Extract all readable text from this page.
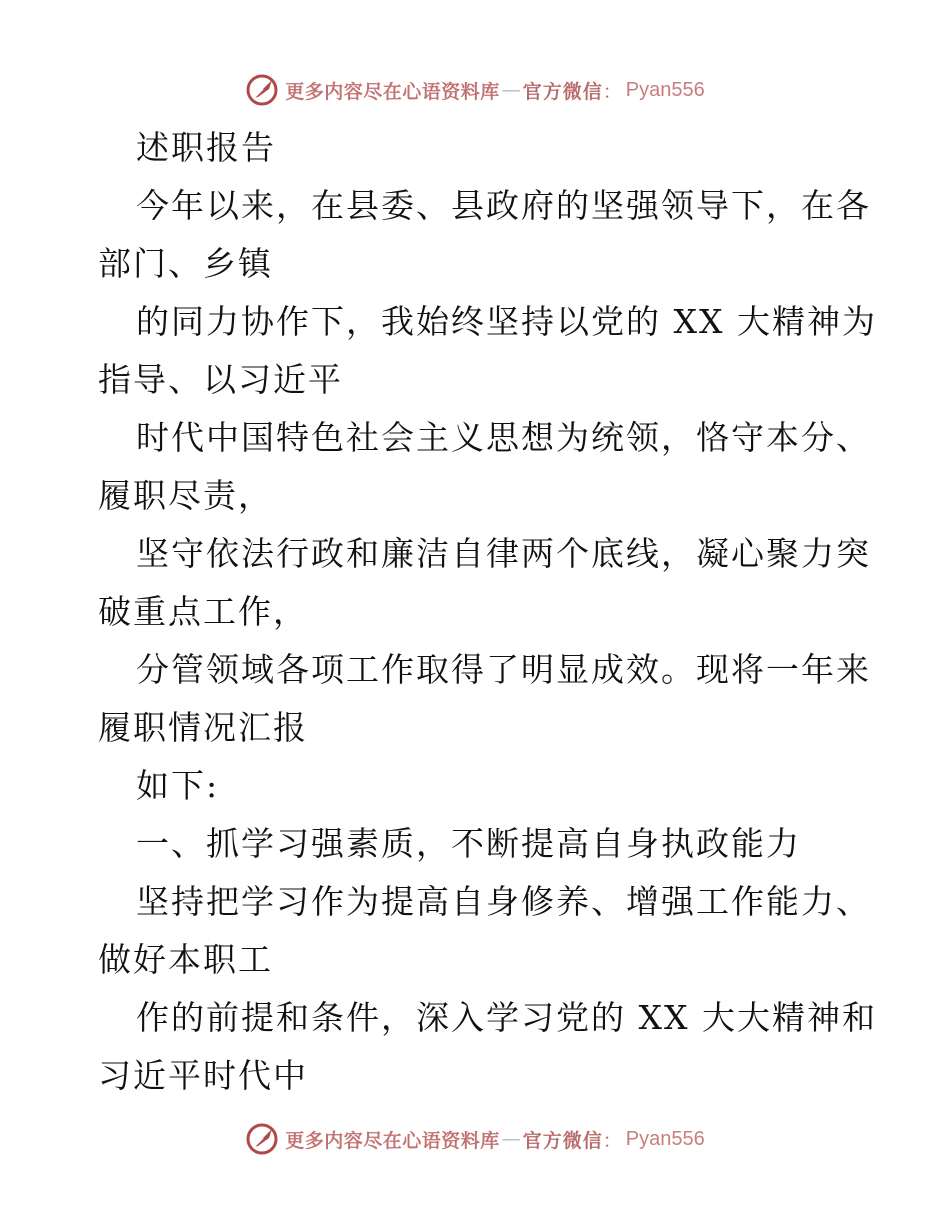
更多内容尽在心语资料库 — 官方微信 ： Pyan556
述职报告
今年以来，在县委、县政府的坚强领导下，在各
部门、乡镇
的同力协作下，我始终坚持以党的 XX 大精神为
指导、以习近平
时代中国特色社会主义思想为统领，恪守本分、
履职尽责，
坚守依法行政和廉洁自律两个底线，凝心聚力突
破重点工作，
分管领域各项工作取得了明显成效。现将一年来
履职情况汇报
如下:
一、抓学习强素质，不断提高自身执政能力
坚持把学习作为提高自身修养、增强工作能力、
做好本职工
作的前提和条件，深入学习党的 XX 大大精神和
习近平时代中
更多内容尽在心语资料库 — 官方微信 ： Pyan556
